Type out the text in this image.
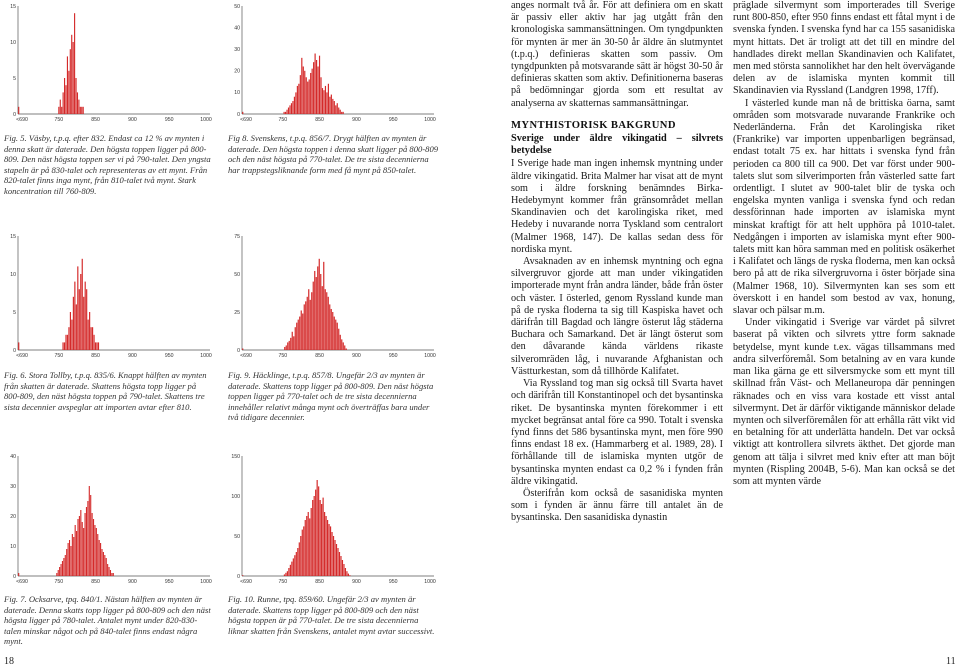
0
5
10
15
<690	750	850	900	950	1000
Fig. 5. Väsby, t.p.q. efter 832. Endast ca 12 % av mynten i denna skatt är daterade. Den högsta toppen ligger på 800-809. Den näst högsta toppen ser vi på 790-talet. Den yngsta stapeln är på 830-talet och representeras av ett mynt. Från 820-talet finns inga mynt, från 810-talet två mynt. Stark koncentration till 760-809.
0
5
10
15
<690	750	850	900	950	1000
Fig. 6. Stora Tollby, t.p.q. 835/6. Knappt hälften av mynten från skatten är daterade. Skattens högsta topp ligger på 800-809, den näst högsta toppen på 790-talet. Skattens tre sista decennier avspeglar att importen avtar efter 810.
0
10
20
30
40
<690	750	850	900	950	1000
Fig. 7. Ocksarve, tpq. 840/1. Nästan hälften av mynten är daterade. Denna skatts topp ligger på 800-809 och den näst högsta ligger på 780-talet. Antalet mynt under 820-830-talen minskar något och på 840-talet finns endast några mynt.
0
10
20
30
40
50
<690	750	850	900	950	1000
Fig 8. Svenskens, t.p.q. 856/7. Drygt hälften av mynten är daterade. Den högsta toppen i denna skatt ligger på 800-809 och den näst högsta på 770-talet. De tre sista decennierna har trappstegsliknande form med få mynt på 850-talet.
0
25
50
75
<690	750	850	900	950	1000
Fig. 9. Häcklinge, t.p.q. 857/8. Ungefär 2/3 av mynten är daterade. Skattens topp ligger på 800-809. Den näst högsta toppen ligger på 770-talet och de tre sista decennierna innehåller relativt många mynt och överträffas bara under två tidigare decennier.
0
50
100
150
<690	750	850	900	950	1000
Fig. 10. Runne, tpq. 859/60. Ungefär 2/3 av mynten är daterade. Skattens topp ligger på 800-809 och den näst högsta toppen är på 770-talet. De tre sista decennierna liknar skatten från Svenskens, antalet mynt avtar successivt.
18

anges normalt två år. För att definiera om en skatt är passiv eller aktiv har jag utgått från den kronologiska sammansättningen. Om tyngdpunkten för mynten är mer än 30-50 år äldre än slutmyntet (t.p.q.) definieras skatten som passiv. Om tyngdpunkten på motsvarande sätt är högst 30-50 år definieras skatten som aktiv. Definitionerna baseras på bedömningar gjorda som ett resultat av analyserna av skatternas sammansättningar.

MYNTHISTORISK BAKGRUND
Sverige under äldre vikingatid – silvrets betydelse

I Sverige hade man ingen inhemsk myntning under äldre vikingatid. Brita Malmer har visat att de mynt som i äldre forskning benämndes Birka-Hedebymynt kommer från gränsområdet mellan Skandinavien och det karolingiska riket, med Hedeby i nuvarande norra Tyskland som centralort (Malmer 1968, 147). De kallas sedan dess för nordiska mynt.

Avsaknaden av en inhemsk myntning och egna silvergruvor gjorde att man under vikingatiden importerade mynt från andra länder, både från öster och väster. I österled, genom Ryssland kunde man på de ryska floderna ta sig till Kaspiska havet och därifrån till Bagdad och längre österut låg städerna Buchara och Samarkand. Det är längt österut som den dåvarande kända världens rikaste silveromräden låg, i nuvarande Afghanistan och Västturkestan, som då tillhörde Kalifatet.

Via Ryssland tog man sig också till Svarta havet och därifrån till Konstantinopel och det bysantinska riket. De bysantinska mynten förekommer i ett mycket begränsat antal före ca 990. Totalt i svenska fynd finns det 586 bysantinska mynt, men före 990 finns endast 18 ex. (Hammarberg et al. 1989, 28). I förhållande till de islamiska mynten utgör de bysantinska mynten endast ca 0,2 % i fynden från äldre vikingatid.

Österifrån kom också de sasanidiska mynten som i fynden är ännu färre till antalet än de bysantinska. Den sasanidiska dynastin

präglade silvermynt som importerades till Sverige runt 800-850, efter 950 finns endast ett fåtal mynt i de svenska fynden. I svenska fynd har ca 155 sasanidiska mynt hittats. Det är troligt att det till en mindre del handlades direkt mellan Skandinavien och Kalifatet, men med största sannolikhet har den helt övervägande delen av de islamiska mynten kommit till Skandinavien via Ryssland (Landgren 1998, 17ff).

I västerled kunde man nå de brittiska öarna, samt områden som motsvarade nuvarande Frankrike och Nederländerna. Från det Karolingiska riket (Frankrike) var importen uppenbarligen begränsad, endast totalt 75 ex. har hittats i svenska fynd från perioden ca 800 till ca 900. Det var först under 900-talets slut som silverimporten från västerled satte fart ordentligt. I slutet av 900-talet blir de tyska och engelska mynten vanliga i svenska fynd och redan dessförinnan hade importen av islamiska mynt minskat kraftigt för att helt upphöra på 1010-talet. Nedgången i importen av islamiska mynt efter 900-talets mitt kan höra samman med en politisk osäkerhet i Kalifatet och längs de ryska floderna, men kan också bero på att de rika silvergruvorna i öster började sina (Malmer 1968, 10). Silvermynten kan ses som ett överskott i en handel som bestod av vax, honung, slavar och pälsar m.m.

Under vikingatid i Sverige var värdet på silvret baserat på vikten och silvrets yttre form saknade betydelse, mynt kunde t.ex. vägas tillsammans med andra silverföremål. Som betalning av en vara kunde man lika gärna ge ett silversmycke som ett mynt till skillnad från Väst- och Mellaneuropa där penningen räknades och en viss vara kostade ett visst antal silvermynt. Det är därför viktigande människor delade mynten och silverföremålen för att erhålla rätt vikt vid en betalning för att underlätta handeln. Det var också viktigt att kontrollera silvrets äkthet. Det gjorde man genom att tälja i silvret med kniv efter att man böjt mynten (Rispling 2004B, 5-6). Man kan också se det som att mynten värde

11
